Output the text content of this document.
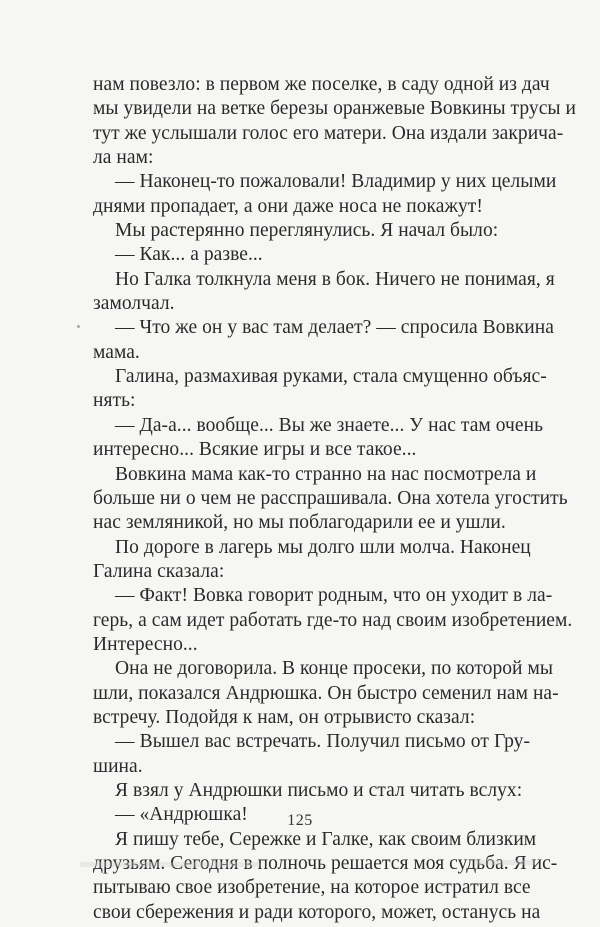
нам повезло: в первом же поселке, в саду одной из дач
мы увидели на ветке березы оранжевые Вовкины трусы и
тут же услышали голос его матери. Она издали закрича-
ла нам:
— Наконец-то пожаловали! Владимир у них целыми
днями пропадает, а они даже носа не покажут!
Мы растерянно переглянулись. Я начал было:
— Как... а разве...
Но Галка толкнула меня в бок. Ничего не понимая, я
замолчал.
— Что же он у вас там делает? — спросила Вовкина
мама.
Галина, размахивая руками, стала смущенно объяс-
нять:
— Да-а... вообще... Вы же знаете... У нас там очень
интересно... Всякие игры и все такое...
Вовкина мама как-то странно на нас посмотрела и
больше ни о чем не расспрашивала. Она хотела угостить
нас земляникой, но мы поблагодарили ее и ушли.
По дороге в лагерь мы долго шли молча. Наконец
Галина сказала:
— Факт! Вовка говорит родным, что он уходит в ла-
герь, а сам идет работать где-то над своим изобретением.
Интересно...
Она не договорила. В конце просеки, по которой мы
шли, показался Андрюшка. Он быстро семенил нам на-
встречу. Подойдя к нам, он отрывисто сказал:
— Вышел вас встречать. Получил письмо от Гру-
шина.
Я взял у Андрюшки письмо и стал читать вслух:
— «Андрюшка!
Я пишу тебе, Сережке и Галке, как своим близким
друзьям. Сегодня в полночь решается моя судьба. Я ис-
пытываю свое изобретение, на которое истратил все
свои сбережения и ради которого, может, останусь на
125
